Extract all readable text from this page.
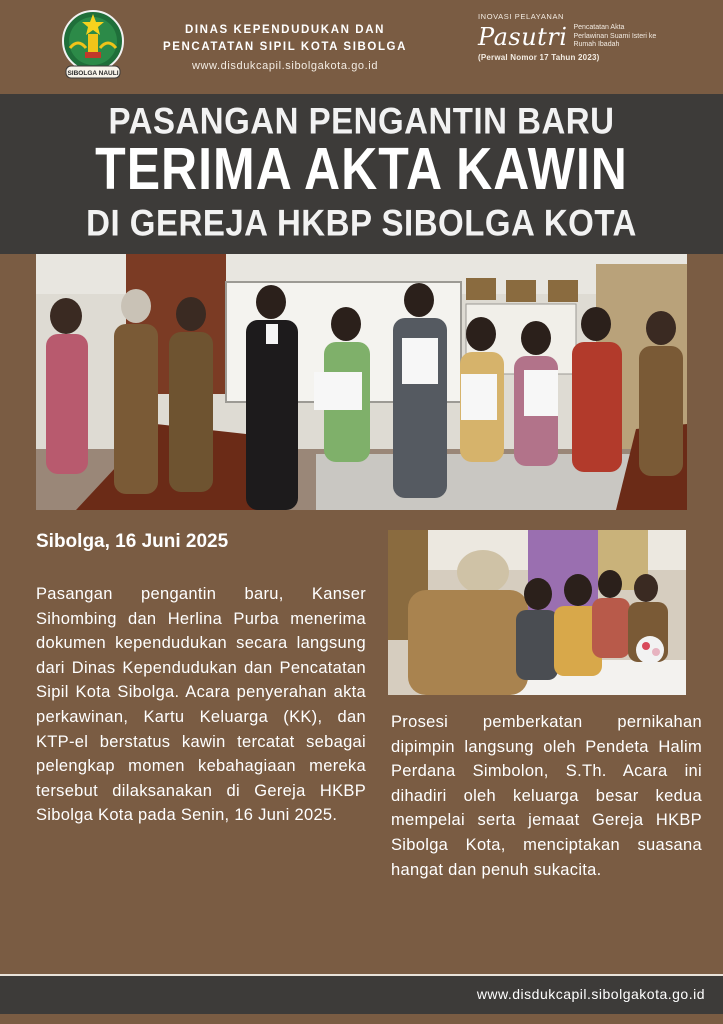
SIBOLGA NAULI
DINAS KEPENDUDUKAN DAN
PENCATATAN SIPIL KOTA SIBOLGA
www.disdukcapil.sibolgakota.go.id
INOVASI PELAYANAN
Pasutri Pencatatan Akta Perlawinan Suami Isteri ke Rumah Ibadah
(Perwal Nomor 17 Tahun 2023)
PASANGAN PENGANTIN BARU
TERIMA AKTA KAWIN
DI GEREJA HKBP SIBOLGA KOTA
Sibolga, 16 Juni 2025
Pasangan pengantin baru, Kanser Sihombing dan Herlina Purba menerima dokumen kependudukan secara langsung dari Dinas Kependudukan dan Pencatatan Sipil Kota Sibolga. Acara penyerahan akta perkawinan, Kartu Keluarga (KK), dan KTP-el berstatus kawin tercatat sebagai pelengkap momen kebahagiaan mereka tersebut dilaksanakan di Gereja HKBP Sibolga Kota pada Senin, 16 Juni 2025.
Prosesi pemberkatan pernikahan dipimpin langsung oleh Pendeta Halim Perdana Simbolon, S.Th. Acara ini dihadiri oleh keluarga besar kedua mempelai serta jemaat Gereja HKBP Sibolga Kota, menciptakan suasana hangat dan penuh sukacita.
www.disdukcapil.sibolgakota.go.id
